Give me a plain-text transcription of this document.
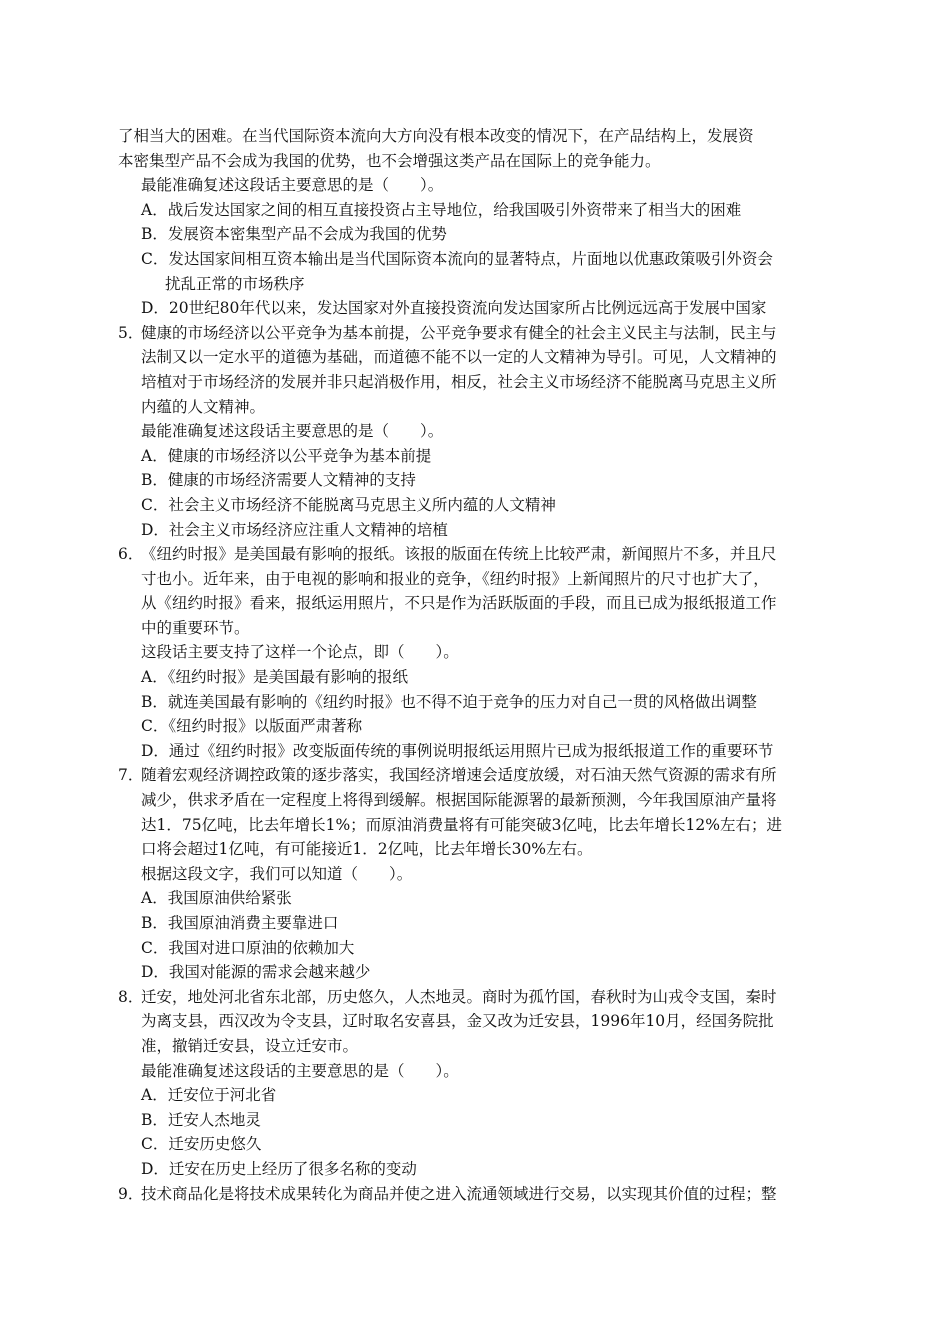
了相当大的困难。在当代国际资本流向大方向没有根本改变的情况下，在产品结构上，发展资
本密集型产品不会成为我国的优势，也不会增强这类产品在国际上的竞争能力。
最能准确复述这段话主要意思的是（　　）。
A．战后发达国家之间的相互直接投资占主导地位，给我国吸引外资带来了相当大的困难
B．发展资本密集型产品不会成为我国的优势
C．发达国家间相互资本输出是当代国际资本流向的显著特点，片面地以优惠政策吸引外资会
扰乱正常的市场秩序
D．20世纪80年代以来，发达国家对外直接投资流向发达国家所占比例远远高于发展中国家
5．
健康的市场经济以公平竞争为基本前提，公平竞争要求有健全的社会主义民主与法制，民主与
法制又以一定水平的道德为基础，而道德不能不以一定的人文精神为导引。可见，人文精神的
培植对于市场经济的发展并非只起消极作用，相反，社会主义市场经济不能脱离马克思主义所
内蕴的人文精神。
最能准确复述这段话主要意思的是（　　）。
A．健康的市场经济以公平竞争为基本前提
B．健康的市场经济需要人文精神的支持
C．社会主义市场经济不能脱离马克思主义所内蕴的人文精神
D．社会主义市场经济应注重人文精神的培植
6．
《纽约时报》是美国最有影响的报纸。该报的版面在传统上比较严肃，新闻照片不多，并且尺
寸也小。近年来，由于电视的影响和报业的竞争，《纽约时报》上新闻照片的尺寸也扩大了，
从《纽约时报》看来，报纸运用照片，不只是作为活跃版面的手段，而且已成为报纸报道工作
中的重要环节。
这段话主要支持了这样一个论点，即（　　）。
A．《纽约时报》是美国最有影响的报纸
B．就连美国最有影响的《纽约时报》也不得不迫于竞争的压力对自己一贯的风格做出调整
C．《纽约时报》以版面严肃著称
D．通过《纽约时报》改变版面传统的事例说明报纸运用照片已成为报纸报道工作的重要环节
7．
随着宏观经济调控政策的逐步落实，我国经济增速会适度放缓，对石油天然气资源的需求有所
减少，供求矛盾在一定程度上将得到缓解。根据国际能源署的最新预测，今年我国原油产量将
达1．75亿吨，比去年增长1%；而原油消费量将有可能突破3亿吨，比去年增长12%左右；进
口将会超过1亿吨，有可能接近1．2亿吨，比去年增长30%左右。
根据这段文字，我们可以知道（　　）。
A．我国原油供给紧张
B．我国原油消费主要靠进口
C．我国对进口原油的依赖加大
D．我国对能源的需求会越来越少
8．
迁安，地处河北省东北部，历史悠久，人杰地灵。商时为孤竹国，春秋时为山戎令支国，秦时
为离支县，西汉改为令支县，辽时取名安喜县，金又改为迁安县，1996年10月，经国务院批
准，撤销迁安县，设立迁安市。
最能准确复述这段话的主要意思的是（　　）。
A．迁安位于河北省
B．迁安人杰地灵
C．迁安历史悠久
D．迁安在历史上经历了很多名称的变动
9．
技术商品化是将技术成果转化为商品并使之进入流通领域进行交易，以实现其价值的过程；整
